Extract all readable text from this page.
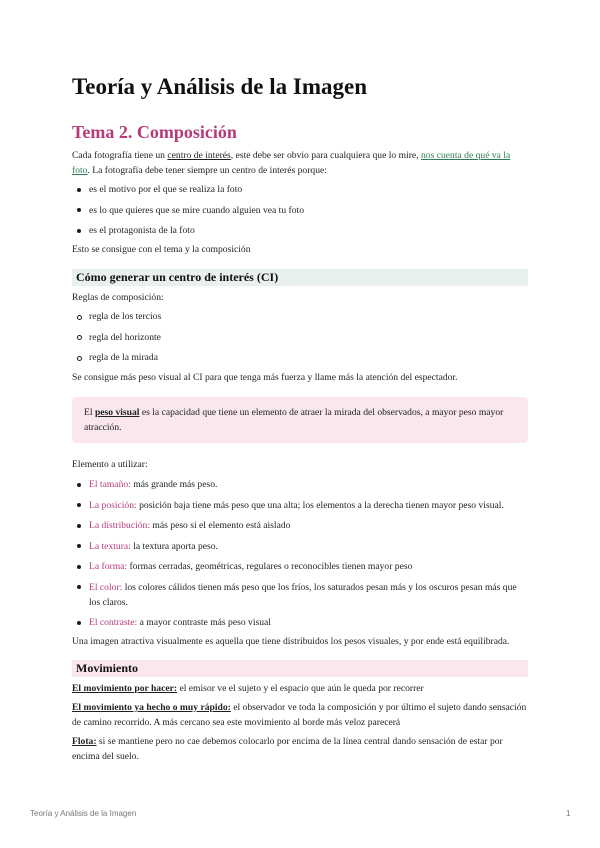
Teoría y Análisis de la Imagen
Tema 2. Composición

Cada fotografía tiene un centro de interés, este debe ser obvio para cualquiera que lo mire, nos cuenta de qué va la foto. La fotografía debe tener siempre un centro de interés porque:

es el motivo por el que se realiza la foto
es lo que quieres que se mire cuando alguien vea tu foto
es el protagonista de la foto

Esto se consigue con el tema y la composición

Cómo generar un centro de interés (CI)

Reglas de composición:

regla de los tercios
regla del horizonte
regla de la mirada

Se consigue más peso visual al CI para que tenga más fuerza y llame más la atención del espectador.

El peso visual es la capacidad que tiene un elemento de atraer la mirada del observados, a mayor peso mayor atracción.

Elemento a utilizar:

El tamaño: más grande más peso.
La posición: posición baja tiene más peso que una alta; los elementos a la derecha tienen mayor peso visual.
La distribución: más peso si el elemento está aislado
La textura: la textura aporta peso.
La forma: formas cerradas, geométricas, regulares o reconocibles tienen mayor peso
El color: los colores cálidos tienen más peso que los fríos, los saturados pesan más y los oscuros pesan más que los claros.
El contraste: a mayor contraste más peso visual

Una imagen atractiva visualmente es aquella que tiene distribuidos los pesos visuales, y por ende está equilibrada.

Movimiento

El movimiento por hacer: el emisor ve el sujeto y el espacio que aún le queda por recorrer

El movimiento ya hecho o muy rápido: el observador ve toda la composición y por último el sujeto dando sensación de camino recorrido. A más cercano sea este movimiento al borde más veloz parecerá

Flota: si se mantiene pero no cae debemos colocarlo por encima de la línea central dando sensación de estar por encima del suelo.

Teoría y Análisis de la Imagen	1
